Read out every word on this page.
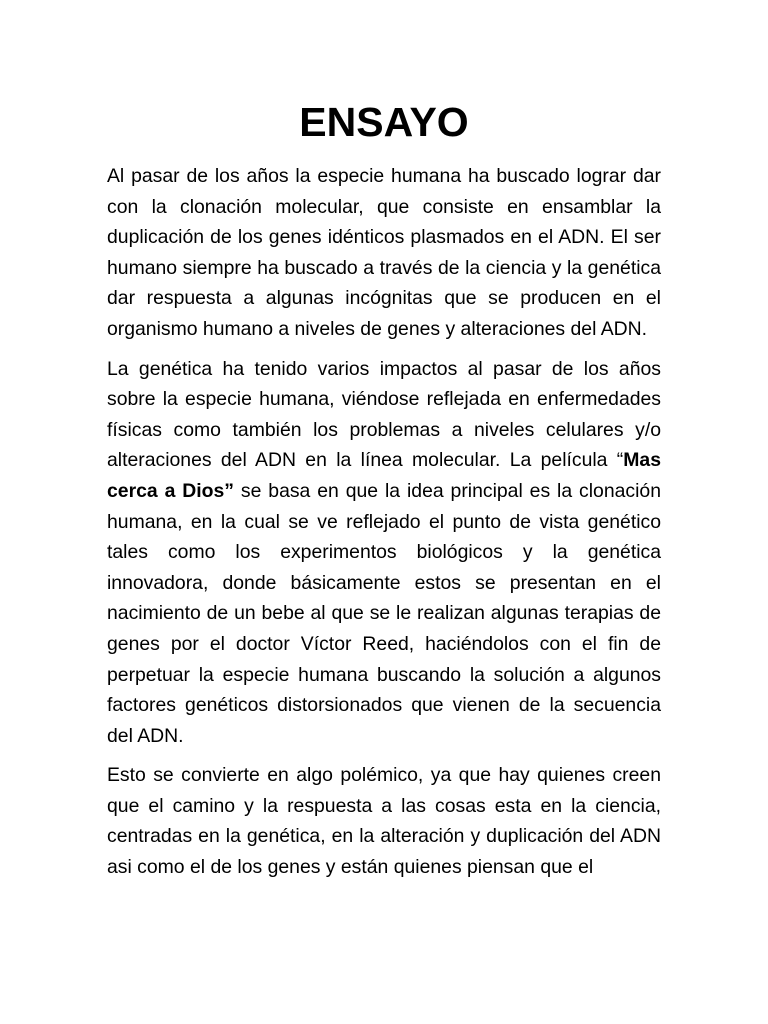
ENSAYO

Al pasar de los años la especie humana ha buscado lograr dar con la clonación molecular, que consiste en ensamblar la duplicación de los genes idénticos plasmados en el ADN. El ser humano siempre ha buscado a través de la ciencia y la genética dar respuesta a algunas incógnitas que se producen en el organismo humano a niveles de genes y alteraciones del ADN.

La genética ha tenido varios impactos al pasar de los años sobre la especie humana, viéndose reflejada en enfermedades físicas como también los problemas a niveles celulares y/o alteraciones del ADN en la línea molecular. La película “Mas cerca a Dios” se basa en que la idea principal es la clonación humana, en la cual se ve reflejado el punto de vista genético tales como los experimentos biológicos y la genética innovadora, donde básicamente estos se presentan en el nacimiento de un bebe al que se le realizan algunas terapias de genes por el doctor Víctor Reed, haciéndolos con el fin de perpetuar la especie humana buscando la solución a algunos factores genéticos distorsionados que vienen de la secuencia del ADN.

Esto se convierte en algo polémico, ya que hay quienes creen que el camino y la respuesta a las cosas esta en la ciencia, centradas en la genética, en la alteración y duplicación del ADN asi como el de los genes y están quienes piensan que el
